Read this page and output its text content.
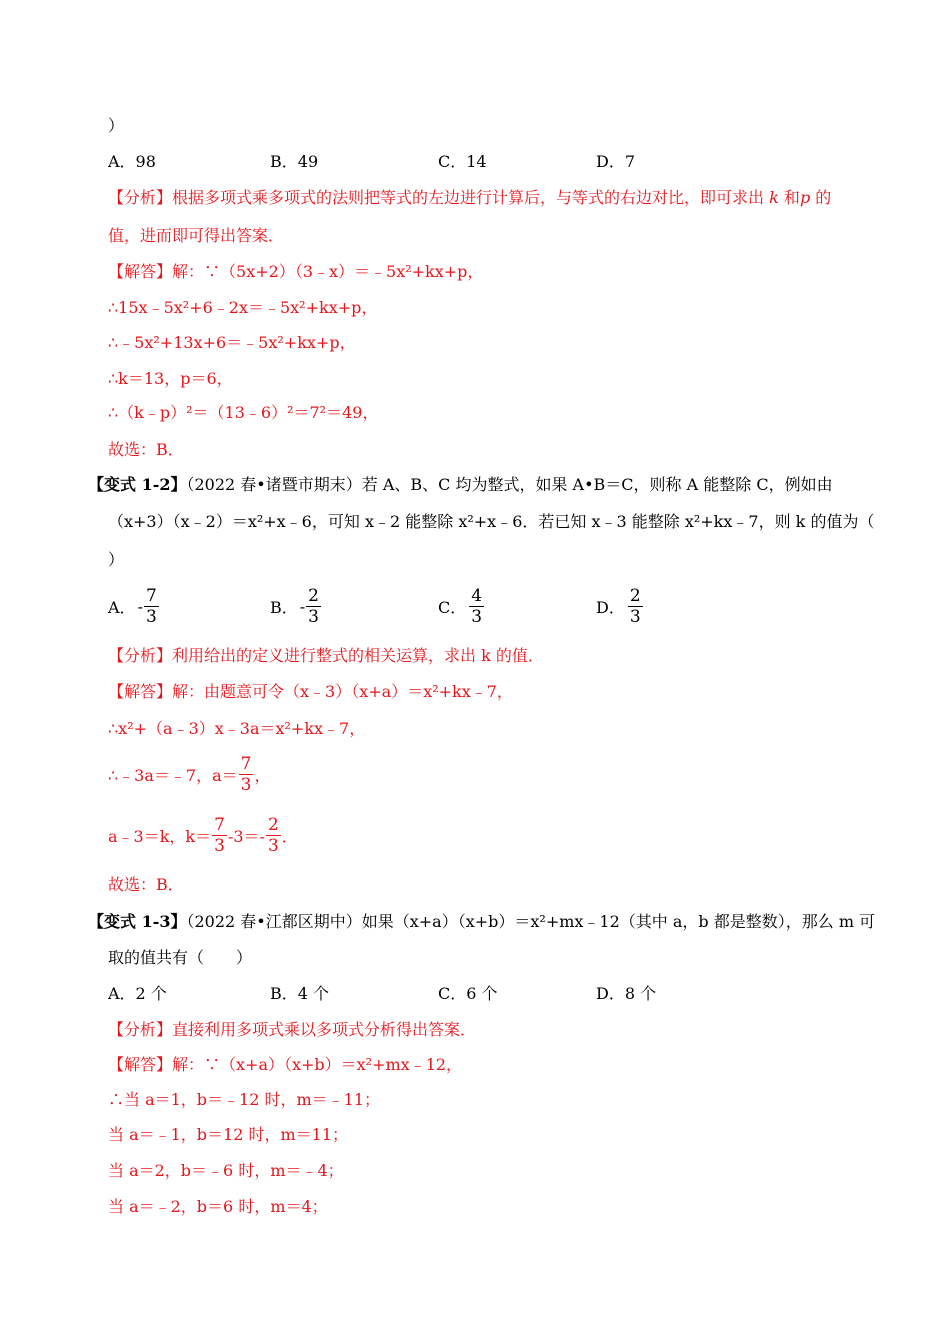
）
A．98	B．49	C．14	D．7
【分析】根据多项式乘多项式的法则把等式的左边进行计算后，与等式的右边对比，即可求出 k 和p 的
值，进而即可得出答案．
【解答】解：∵（5x+2）（3﹣x）＝﹣5x²+kx+p，
∴15x﹣5x²+6﹣2x＝﹣5x²+kx+p，
∴﹣5x²+13x+6＝﹣5x²+kx+p，
∴k＝13，p＝6，
∴（k﹣p）²＝（13﹣6）²＝7²＝49，
故选：B．
【变式 1-2】（2022 春•诸暨市期末）若 A、B、C 均为整式，如果 A•B＝C，则称 A 能整除 C，例如由
（x+3）（x﹣2）＝x²+x﹣6，可知 x﹣2 能整除 x²+x﹣6．若已知 x﹣3 能整除 x²+kx﹣7，则 k 的值为（
）
A． - $\frac{7}{3}$	B． - $\frac{2}{3}$	C． $\frac{4}{3}$	D． $\frac{2}{3}$
【分析】利用给出的定义进行整式的相关运算，求出 k 的值．
【解答】解：由题意可令（x﹣3）（x+a）＝x²+kx﹣7，
∴x²+（a﹣3）x﹣3a＝x²+kx﹣7，
∴﹣3a＝﹣7，$a= \frac{7}{3}$ ，
a﹣3＝k，$k= \frac{7}{3} -3=- \frac{2}{3}$ ．
故选：B．
【变式 1-3】（2022 春•江都区期中）如果（x+a）（x+b）＝x²+mx﹣12（其中 a，b 都是整数），那么 m 可
取的值共有（　　）
A．2 个	B．4 个	C．6 个	D．8 个
【分析】直接利用多项式乘以多项式分析得出答案．
【解答】解：∵（x+a）（x+b）＝x²+mx﹣12，
∴当 a＝1，b＝﹣12 时，m＝﹣11；
当 a＝﹣1，b＝12 时，m＝11；
当 a＝2，b＝﹣6 时，m＝﹣4；
当 a＝﹣2，b＝6 时，m＝4；
